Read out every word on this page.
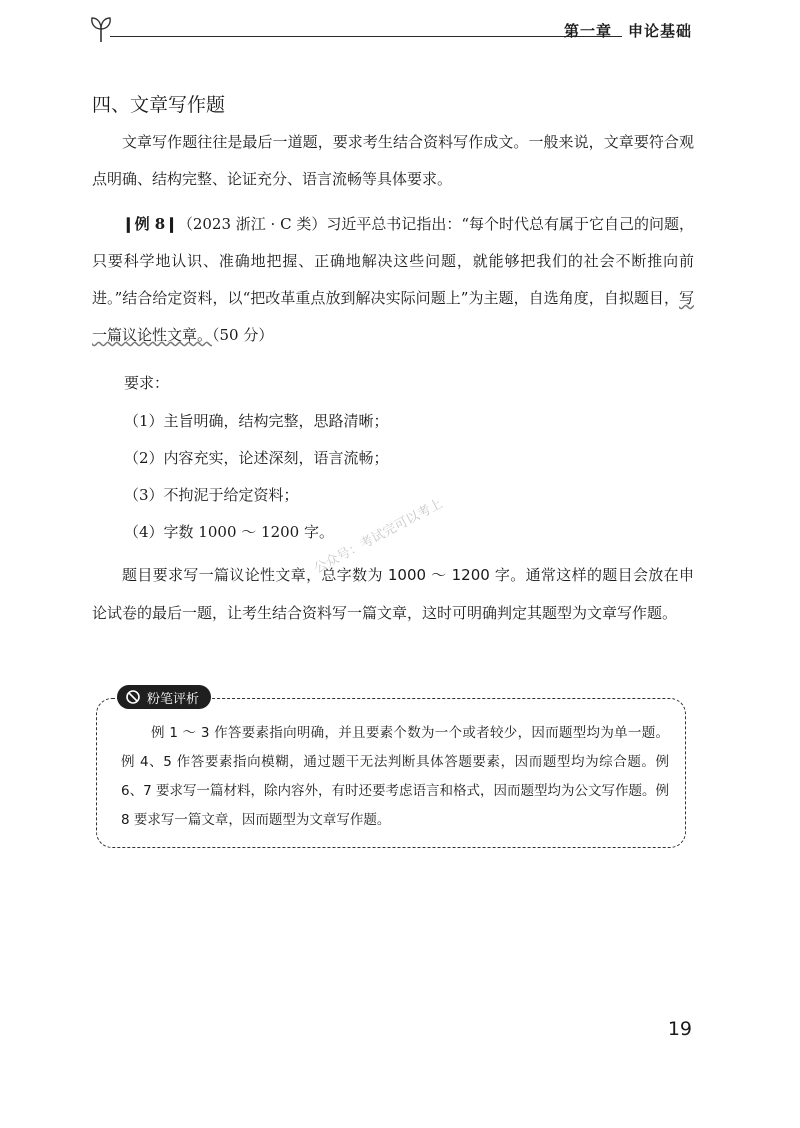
第一章 申论基础
四、文章写作题

文章写作题往往是最后一道题，要求考生结合资料写作成文。一般来说，文章要符合观点明确、结构完整、论证充分、语言流畅等具体要求。

❙例 8❙（2023 浙江 · C 类）习近平总书记指出：“每个时代总有属于它自己的问题，只要科学地认识、准确地把握、正确地解决这些问题，就能够把我们的社会不断推向前进。”结合给定资料，以“把改革重点放到解决实际问题上”为主题，自选角度，自拟题目，写一篇议论性文章。（50 分）

要求：

（1）主旨明确，结构完整，思路清晰；

（2）内容充实，论述深刻，语言流畅；

（3）不拘泥于给定资料；

（4）字数 1000 ～ 1200 字。

题目要求写一篇议论性文章，总字数为 1000 ～ 1200 字。通常这样的题目会放在申论试卷的最后一题，让考生结合资料写一篇文章，这时可明确判定其题型为文章写作题。

公众号：考试完可以考上
粉笔评析

例 1 ～ 3 作答要素指向明确，并且要素个数为一个或者较少，因而题型均为单一题。例 4、5 作答要素指向模糊，通过题干无法判断具体答题要素，因而题型均为综合题。例 6、7 要求写一篇材料，除内容外，有时还要考虑语言和格式，因而题型均为公文写作题。例 8 要求写一篇文章，因而题型为文章写作题。

19
